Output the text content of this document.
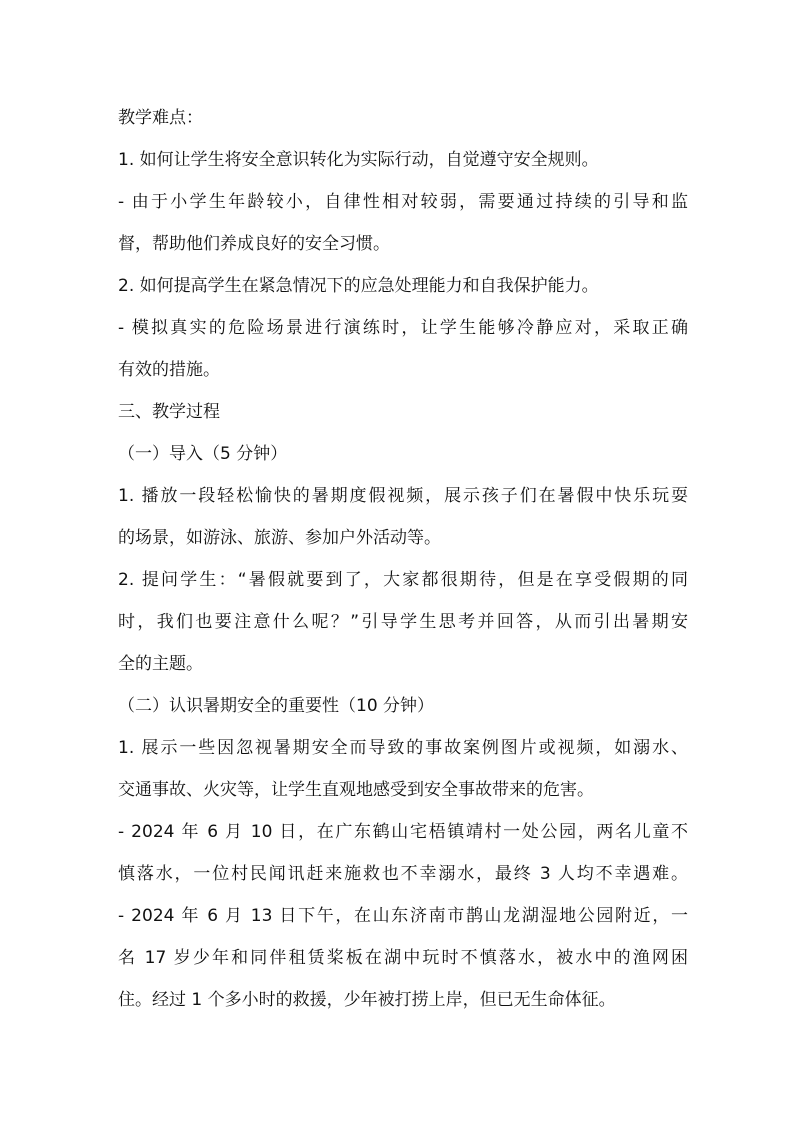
教学难点：
1. 如何让学生将安全意识转化为实际行动，自觉遵守安全规则。
- 由于小学生年龄较小，自律性相对较弱，需要通过持续的引导和监
督，帮助他们养成良好的安全习惯。
2. 如何提高学生在紧急情况下的应急处理能力和自我保护能力。
- 模拟真实的危险场景进行演练时，让学生能够冷静应对，采取正确
有效的措施。
三、教学过程
（一）导入（5 分钟）
1. 播放一段轻松愉快的暑期度假视频，展示孩子们在暑假中快乐玩耍
的场景，如游泳、旅游、参加户外活动等。
2. 提问学生：“暑假就要到了，大家都很期待，但是在享受假期的同
时，我们也要注意什么呢？”引导学生思考并回答，从而引出暑期安
全的主题。
（二）认识暑期安全的重要性（10 分钟）
1. 展示一些因忽视暑期安全而导致的事故案例图片或视频，如溺水、
交通事故、火灾等，让学生直观地感受到安全事故带来的危害。
- 2024 年 6 月 10 日，在广东鹤山宅梧镇靖村一处公园，两名儿童不
慎落水，一位村民闻讯赶来施救也不幸溺水，最终 3 人均不幸遇难。
- 2024 年 6 月 13 日下午，在山东济南市鹊山龙湖湿地公园附近，一
名 17 岁少年和同伴租赁桨板在湖中玩时不慎落水，被水中的渔网困
住。经过 1 个多小时的救援，少年被打捞上岸，但已无生命体征。
